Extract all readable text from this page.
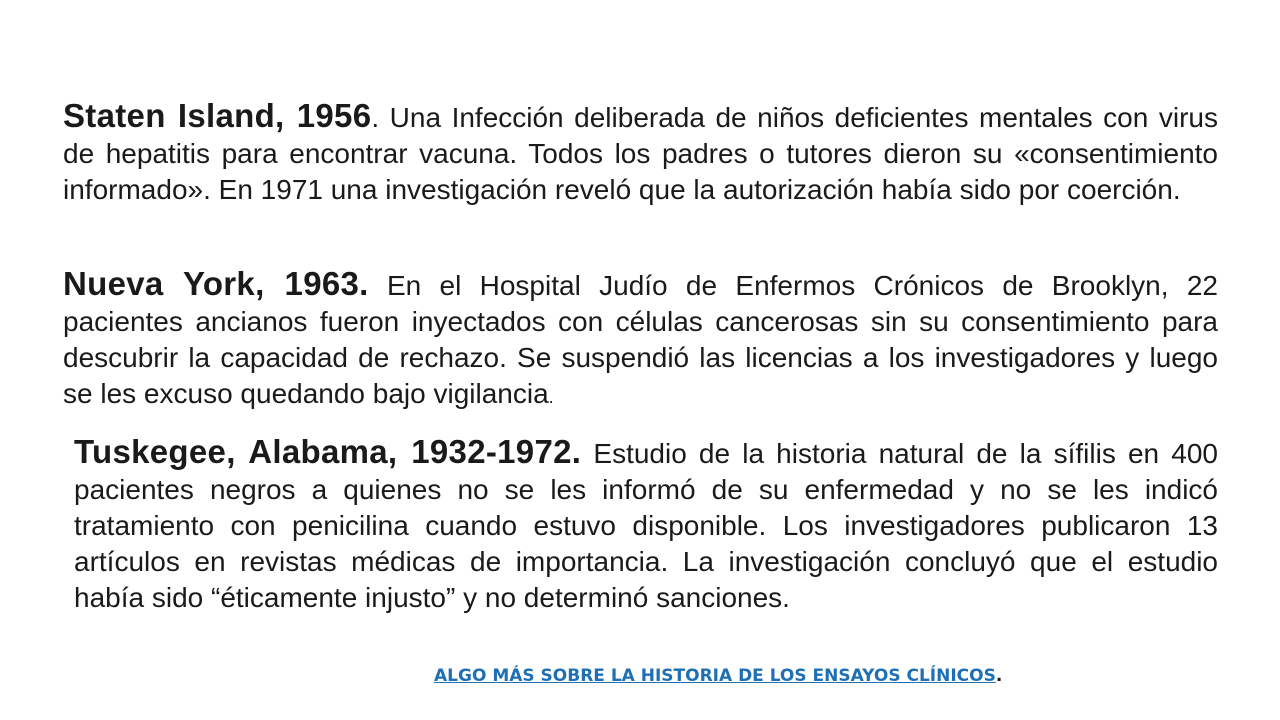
Staten Island, 1956. Una Infección deliberada de niños deficientes mentales con virus de hepatitis para encontrar vacuna. Todos los padres o tutores dieron su «consentimiento informado». En 1971 una investigación reveló que la autorización había sido por coerción.

Nueva York, 1963. En el Hospital Judío de Enfermos Crónicos de Brooklyn, 22 pacientes ancianos fueron inyectados con células cancerosas sin su consentimiento para descubrir la capacidad de rechazo. Se suspendió las licencias a los investigadores y luego se les excuso quedando bajo vigilancia.

Tuskegee, Alabama, 1932-1972. Estudio de la historia natural de la sífilis en 400 pacientes negros a quienes no se les informó de su enfermedad y no se les indicó tratamiento con penicilina cuando estuvo disponible. Los investigadores publicaron 13 artículos en revistas médicas de importancia. La investigación concluyó que el estudio había sido “éticamente injusto” y no determinó sanciones.

ALGO MÁS SOBRE LA HISTORIA DE LOS ENSAYOS CLÍNICOS.
